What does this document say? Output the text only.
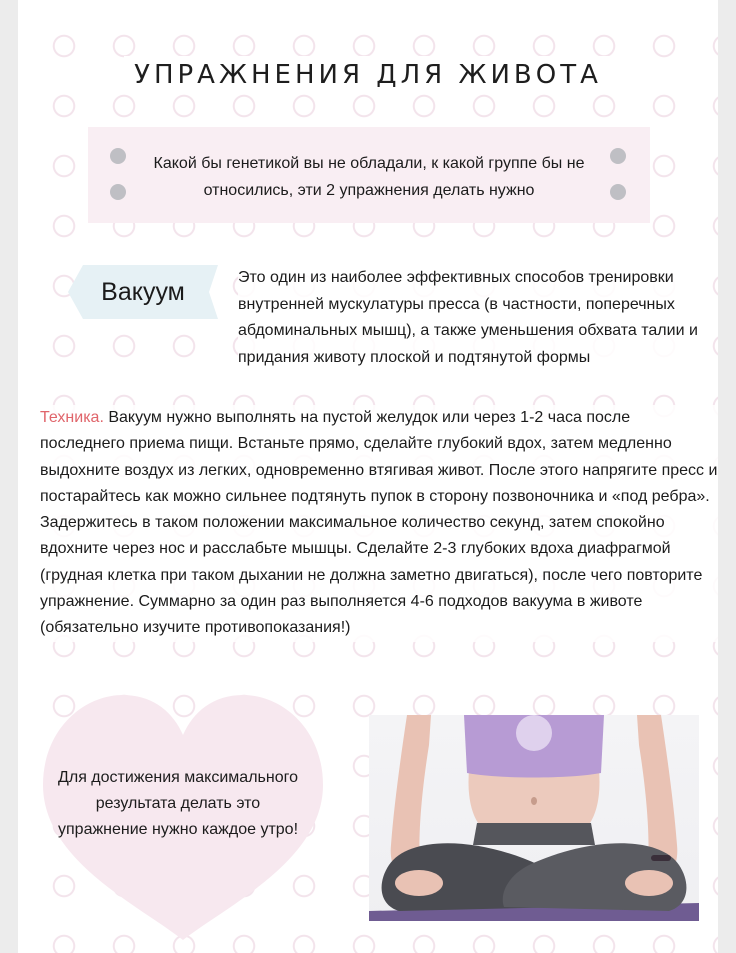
УПРАЖНЕНИЯ ДЛЯ ЖИВОТА
Какой бы генетикой вы не обладали, к какой группе бы не относились, эти 2 упражнения делать нужно
Вакуум
Это один из наиболее эффективных способов тренировки внутренней мускулатуры пресса (в частности, поперечных абдоминальных мышц), а также уменьшения обхвата талии и придания животу плоской и подтянутой формы
Техника. Вакуум нужно выполнять на пустой желудок или через 1-2 часа после последнего приема пищи. Встаньте прямо, сделайте глубокий вдох, затем медленно выдохните воздух из легких, одновременно втягивая живот. После этого напрягите пресс и постарайтесь как можно сильнее подтянуть пупок в сторону позвоночника и «под ребра».
Задержитесь в таком положении максимальное количество секунд, затем спокойно вдохните через нос и расслабьте мышцы. Сделайте 2-3 глубоких вдоха диафрагмой (грудная клетка при таком дыхании не должна заметно двигаться), после чего повторите упражнение. Суммарно за один раз выполняется 4-6 подходов вакуума в животе (обязательно изучите противопоказания!)
Для достижения максимального результата делать это упражнение нужно каждое утро!
